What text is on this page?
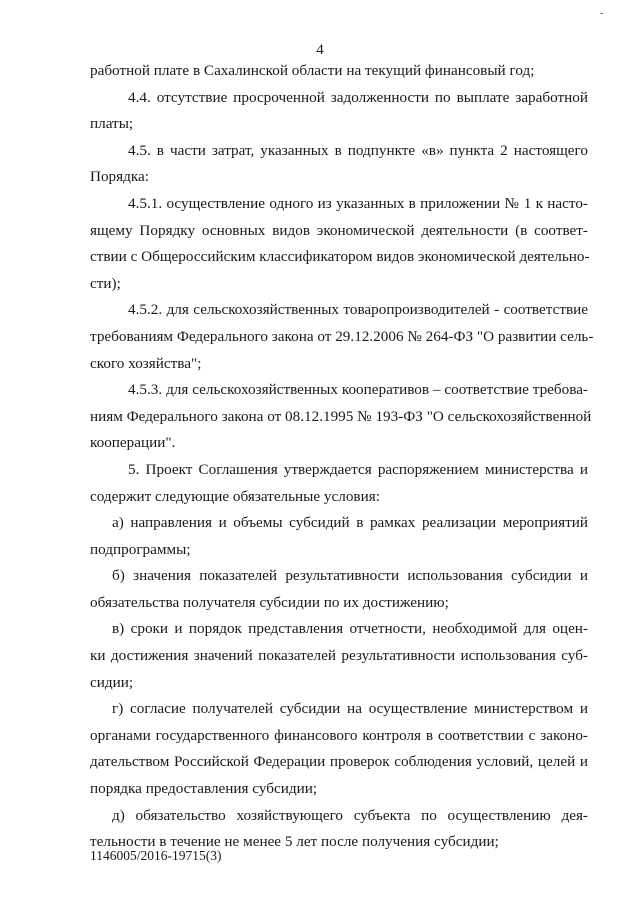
-
4
работной плате в Сахалинской области на текущий финансовый год;
4.4. отсутствие просроченной задолженности по выплате заработной
платы;
4.5. в части затрат, указанных в подпункте «в» пункта 2 настоящего
Порядка:
4.5.1. осуществление одного из указанных в приложении № 1 к насто-
ящему Порядку основных видов экономической деятельности (в соответ-
ствии с Общероссийским классификатором видов экономической деятельно-
сти);
4.5.2. для сельскохозяйственных товаропроизводителей - соответствие
требованиям Федерального закона от 29.12.2006 № 264-ФЗ "О развитии сель-
ского хозяйства";
4.5.3. для сельскохозяйственных кооперативов – соответствие требова-
ниям Федерального закона от 08.12.1995 № 193-ФЗ "О сельскохозяйственной
кооперации".
5. Проект Соглашения утверждается распоряжением министерства и
содержит следующие обязательные условия:
а) направления и объемы субсидий в рамках реализации мероприятий
подпрограммы;
б) значения показателей результативности использования субсидии и
обязательства получателя субсидии по их достижению;
в) сроки и порядок представления отчетности, необходимой для оцен-
ки достижения значений показателей результативности использования суб-
сидии;
г) согласие получателей субсидии на осуществление министерством и
органами государственного финансового контроля в соответствии с законо-
дательством Российской Федерации проверок соблюдения условий, целей и
порядка предоставления субсидии;
д) обязательство хозяйствующего субъекта по осуществлению дея-
тельности в течение не менее 5 лет после получения субсидии;
1146005/2016-19715(3)
